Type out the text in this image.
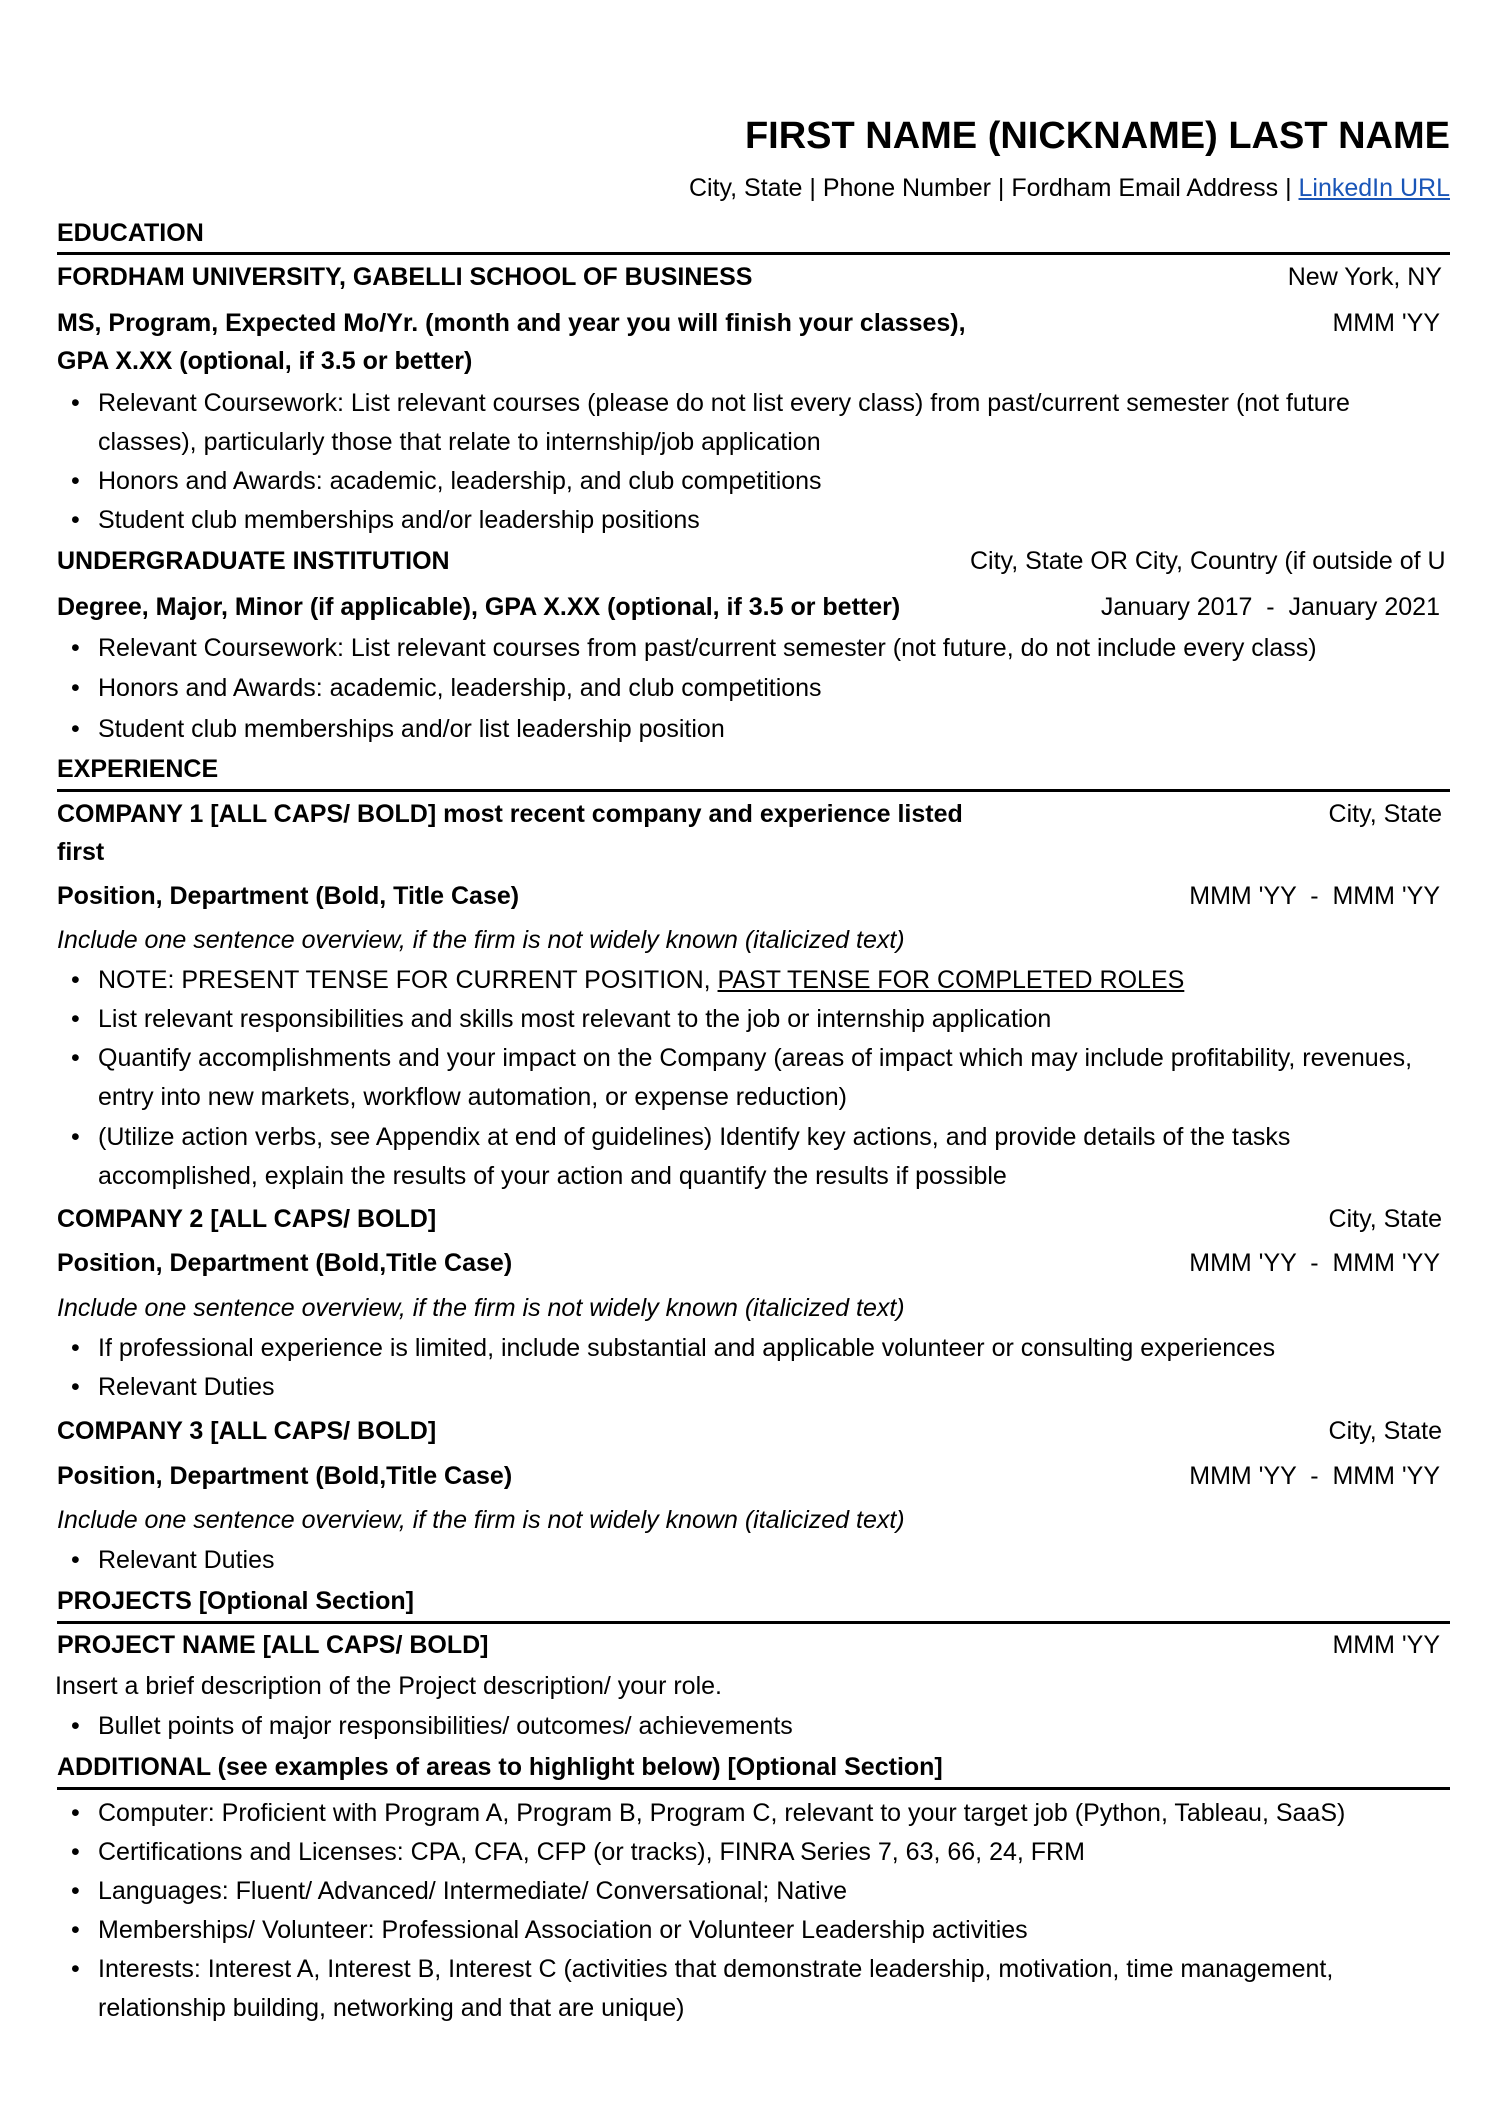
FIRST NAME (NICKNAME) LAST NAME
City, State | Phone Number | Fordham Email Address | LinkedIn URL
EDUCATION
FORDHAM UNIVERSITY, GABELLI SCHOOL OF BUSINESS	New York, NY
MS, Program, Expected Mo/Yr. (month and year you will finish your classes),	MMM 'YY
GPA X.XX (optional, if 3.5 or better)
• Relevant Coursework: List relevant courses (please do not list every class) from past/current semester (not future classes), particularly those that relate to internship/job application
• Honors and Awards: academic, leadership, and club competitions
• Student club memberships and/or leadership positions
UNDERGRADUATE INSTITUTION	City, State OR City, Country (if outside of U
Degree, Major, Minor (if applicable), GPA X.XX (optional, if 3.5 or better)	January 2017  -  January 2021
• Relevant Coursework: List relevant courses from past/current semester (not future, do not include every class)
• Honors and Awards: academic, leadership, and club competitions
• Student club memberships and/or list leadership position
EXPERIENCE
COMPANY 1 [ALL CAPS/ BOLD] most recent company and experience listed	City, State
first
Position, Department (Bold, Title Case)	MMM 'YY  -  MMM 'YY
Include one sentence overview, if the firm is not widely known (italicized text)
• NOTE: PRESENT TENSE FOR CURRENT POSITION, PAST TENSE FOR COMPLETED ROLES
• List relevant responsibilities and skills most relevant to the job or internship application
• Quantify accomplishments and your impact on the Company (areas of impact which may include profitability, revenues, entry into new markets, workflow automation, or expense reduction)
• (Utilize action verbs, see Appendix at end of guidelines) Identify key actions, and provide details of the tasks accomplished, explain the results of your action and quantify the results if possible
COMPANY 2 [ALL CAPS/ BOLD]	City, State
Position, Department (Bold,Title Case)	MMM 'YY  -  MMM 'YY
Include one sentence overview, if the firm is not widely known (italicized text)
• If professional experience is limited, include substantial and applicable volunteer or consulting experiences
• Relevant Duties
COMPANY 3 [ALL CAPS/ BOLD]	City, State
Position, Department (Bold,Title Case)	MMM 'YY  -  MMM 'YY
Include one sentence overview, if the firm is not widely known (italicized text)
• Relevant Duties
PROJECTS [Optional Section]
PROJECT NAME [ALL CAPS/ BOLD]	MMM 'YY
Insert a brief description of the Project description/ your role.
• Bullet points of major responsibilities/ outcomes/ achievements
ADDITIONAL (see examples of areas to highlight below) [Optional Section]
• Computer: Proficient with Program A, Program B, Program C, relevant to your target job (Python, Tableau, SaaS)
• Certifications and Licenses: CPA, CFA, CFP (or tracks), FINRA Series 7, 63, 66, 24, FRM
• Languages: Fluent/ Advanced/ Intermediate/ Conversational; Native
• Memberships/ Volunteer: Professional Association or Volunteer Leadership activities
• Interests: Interest A, Interest B, Interest C (activities that demonstrate leadership, motivation, time management, relationship building, networking and that are unique)
